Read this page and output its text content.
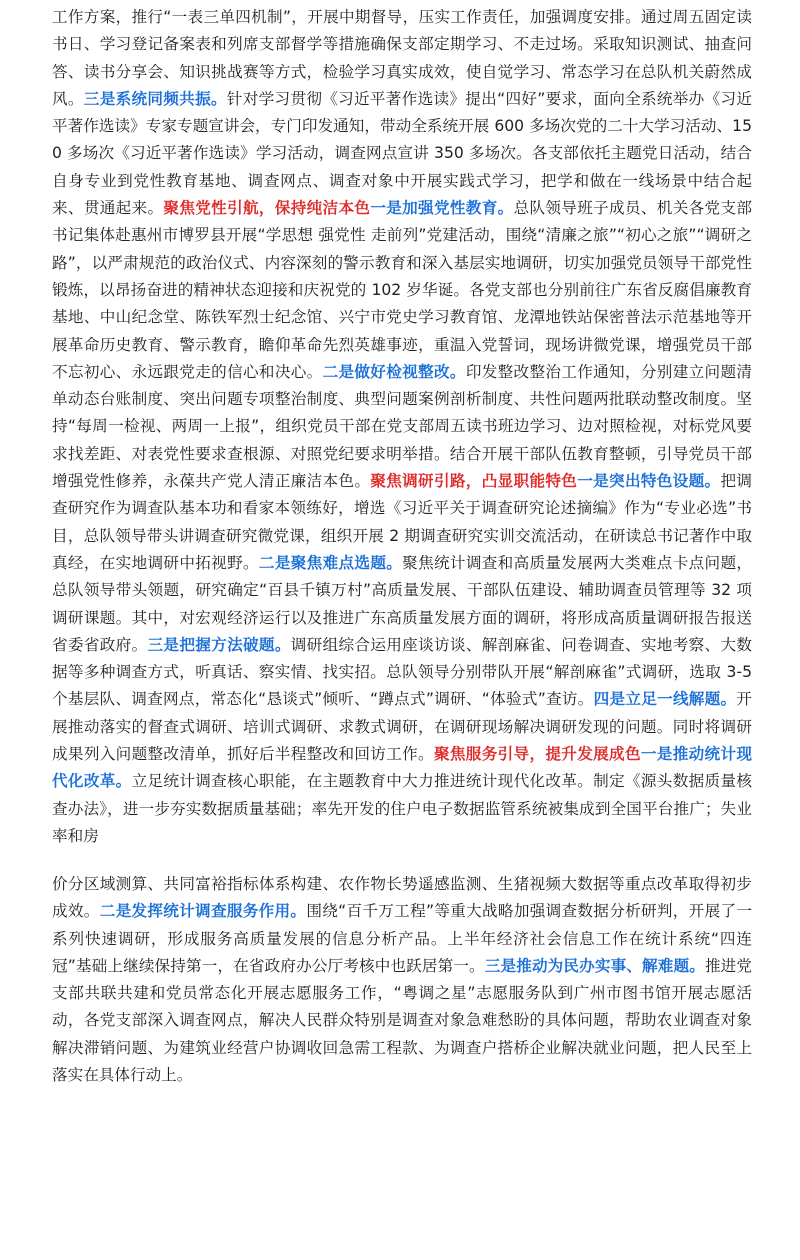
工作方案，推行“一表三单四机制”，开展中期督导，压实工作责任，加强调度安排。通过周五固定读书日、学习登记备案表和列席支部督学等措施确保支部定期学习、不走过场。采取知识测试、抽查问答、读书分享会、知识挑战赛等方式，检验学习真实成效，使自觉学习、常态学习在总队机关蔚然成风。三是系统同频共振。针对学习贯彻《习近平著作选读》提出“四好”要求，面向全系统举办《习近平著作选读》专家专题宣讲会，专门印发通知，带动全系统开展 600 多场次党的二十大学习活动、150 多场次《习近平著作选读》学习活动，调查网点宣讲 350 多场次。各支部依托主题党日活动，结合自身专业到党性教育基地、调查网点、调查对象中开展实践式学习，把学和做在一线场景中结合起来、贯通起来。聚焦党性引航，保持纯洁本色一是加强党性教育。总队领导班子成员、机关各党支部书记集体赴惠州市博罗县开展“学思想 强党性 走前列”党建活动，围绕“清廉之旅”“初心之旅”“调研之路”，以严肃规范的政治仪式、内容深刻的警示教育和深入基层实地调研，切实加强党员领导干部党性锻炼，以昂扬奋进的精神状态迎接和庆祝党的 102 岁华诞。各党支部也分别前往广东省反腐倡廉教育基地、中山纪念堂、陈铁军烈士纪念馆、兴宁市党史学习教育馆、龙潭地铁站保密普法示范基地等开展革命历史教育、警示教育，瞻仰革命先烈英雄事迹，重温入党誓词，现场讲微党课，增强党员干部不忘初心、永远跟党走的信心和决心。二是做好检视整改。印发整改整治工作通知，分别建立问题清单动态台账制度、突出问题专项整治制度、典型问题案例剖析制度、共性问题两批联动整改制度。坚持“每周一检视、两周一上报”，组织党员干部在党支部周五读书班边学习、边对照检视，对标党风要求找差距、对表党性要求查根源、对照党纪要求明举措。结合开展干部队伍教育整顿，引导党员干部增强党性修养，永葆共产党人清正廉洁本色。聚焦调研引路，凸显职能特色一是突出特色设题。把调查研究作为调查队基本功和看家本领练好，增选《习近平关于调查研究论述摘编》作为“专业必选”书目，总队领导带头讲调查研究微党课，组织开展 2 期调查研究实训交流活动，在研读总书记著作中取真经，在实地调研中拓视野。二是聚焦难点选题。聚焦统计调查和高质量发展两大类难点卡点问题，总队领导带头领题，研究确定“百县千镇万村”高质量发展、干部队伍建设、辅助调查员管理等 32 项调研课题。其中，对宏观经济运行以及推进广东高质量发展方面的调研，将形成高质量调研报告报送省委省政府。三是把握方法破题。调研组综合运用座谈访谈、解剖麻雀、问卷调查、实地考察、大数据等多种调查方式，听真话、察实情、找实招。总队领导分别带队开展“解剖麻雀”式调研，选取 3-5 个基层队、调查网点，常态化“恳谈式”倾听、“蹲点式”调研、“体验式”查访。四是立足一线解题。开展推动落实的督查式调研、培训式调研、求教式调研，在调研现场解决调研发现的问题。同时将调研成果列入问题整改清单，抓好后半程整改和回访工作。聚焦服务引导，提升发展成色一是推动统计现代化改革。立足统计调查核心职能，在主题教育中大力推进统计现代化改革。制定《源头数据质量核查办法》，进一步夯实数据质量基础；率先开发的住户电子数据监管系统被集成到全国平台推广；失业率和房

价分区域测算、共同富裕指标体系构建、农作物长势遥感监测、生猪视频大数据等重点改革取得初步成效。二是发挥统计调查服务作用。围绕“百千万工程”等重大战略加强调查数据分析研判，开展了一系列快速调研，形成服务高质量发展的信息分析产品。上半年经济社会信息工作在统计系统“四连冠”基础上继续保持第一，在省政府办公厅考核中也跃居第一。三是推动为民办实事、解难题。推进党支部共联共建和党员常态化开展志愿服务工作，“粤调之星”志愿服务队到广州市图书馆开展志愿活动，各党支部深入调查网点，解决人民群众特别是调查对象急难愁盼的具体问题，帮助农业调查对象解决滞销问题、为建筑业经营户协调收回急需工程款、为调查户搭桥企业解决就业问题，把人民至上落实在具体行动上。
